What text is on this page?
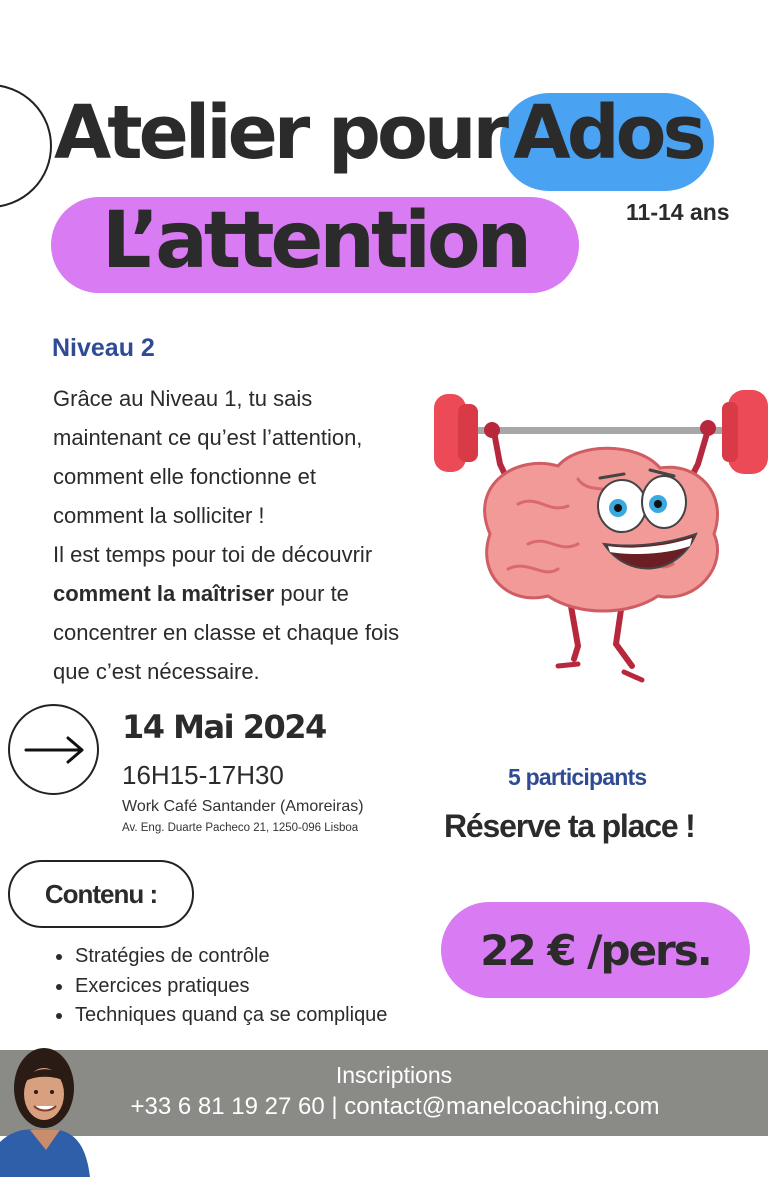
Atelier pour Ados
L’attention	11-14 ans
Niveau 2
Grâce au Niveau 1, tu sais
maintenant ce qu’est l’attention,
comment elle fonctionne et
comment la solliciter !
Il est temps pour toi de découvrir
comment la maîtriser pour te
concentrer en classe et chaque fois
que c’est nécessaire.
14 Mai 2024
16H15-17H30
Work Café Santander (Amoreiras)
Av. Eng. Duarte Pacheco 21, 1250-096 Lisboa
5 participants
Réserve ta place !
Contenu :
22 € /pers.
Stratégies de contrôle
Exercices pratiques
Techniques quand ça se complique
Inscriptions
+33 6 81 19 27 60 | contact@manelcoaching.com
